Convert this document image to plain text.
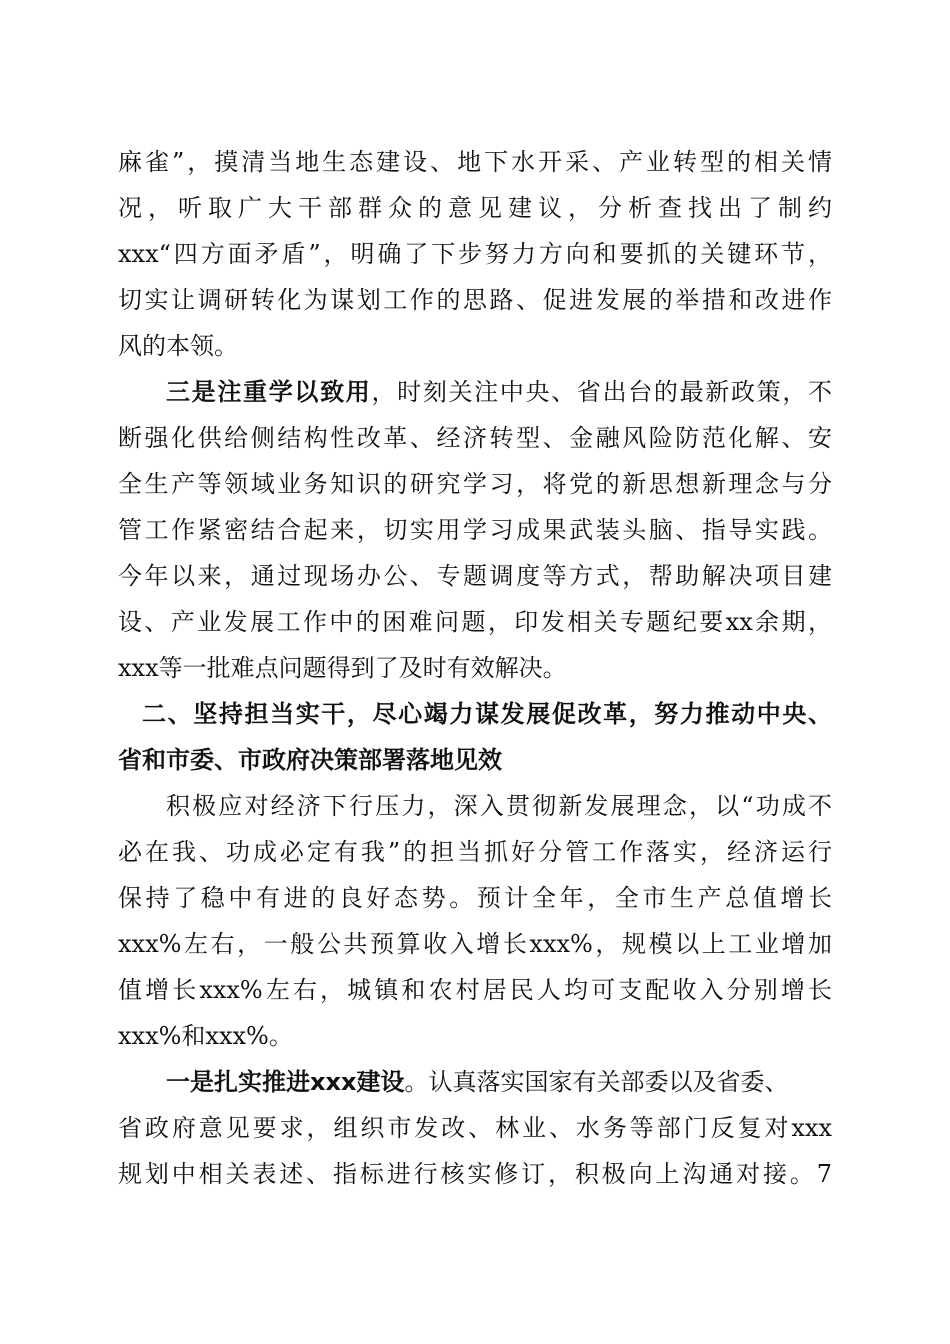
麻雀”，摸清当地生态建设、地下水开采、产业转型的相关情
况，听取广大干部群众的意见建议，分析查找出了制约
xxx“四方面矛盾”，明确了下步努力方向和要抓的关键环节，
切实让调研转化为谋划工作的思路、促进发展的举措和改进作
风的本领。
三是注重学以致用，时刻关注中央、省出台的最新政策，不
断强化供给侧结构性改革、经济转型、金融风险防范化解、安
全生产等领域业务知识的研究学习，将党的新思想新理念与分
管工作紧密结合起来，切实用学习成果武装头脑、指导实践。
今年以来，通过现场办公、专题调度等方式，帮助解决项目建
设、产业发展工作中的困难问题，印发相关专题纪要xx余期，
xxx等一批难点问题得到了及时有效解决。
二、坚持担当实干，尽心竭力谋发展促改革，努力推动中央、
省和市委、市政府决策部署落地见效
积极应对经济下行压力，深入贯彻新发展理念，以“功成不
必在我、功成必定有我”的担当抓好分管工作落实，经济运行
保持了稳中有进的良好态势。预计全年，全市生产总值增长
xxx%左右，一般公共预算收入增长xxx%，规模以上工业增加
值增长xxx%左右，城镇和农村居民人均可支配收入分别增长
xxx%和xxx%。
一是扎实推进xxx建设。认真落实国家有关部委以及省委、
省政府意见要求，组织市发改、林业、水务等部门反复对xxx
规划中相关表述、指标进行核实修订，积极向上沟通对接。7
